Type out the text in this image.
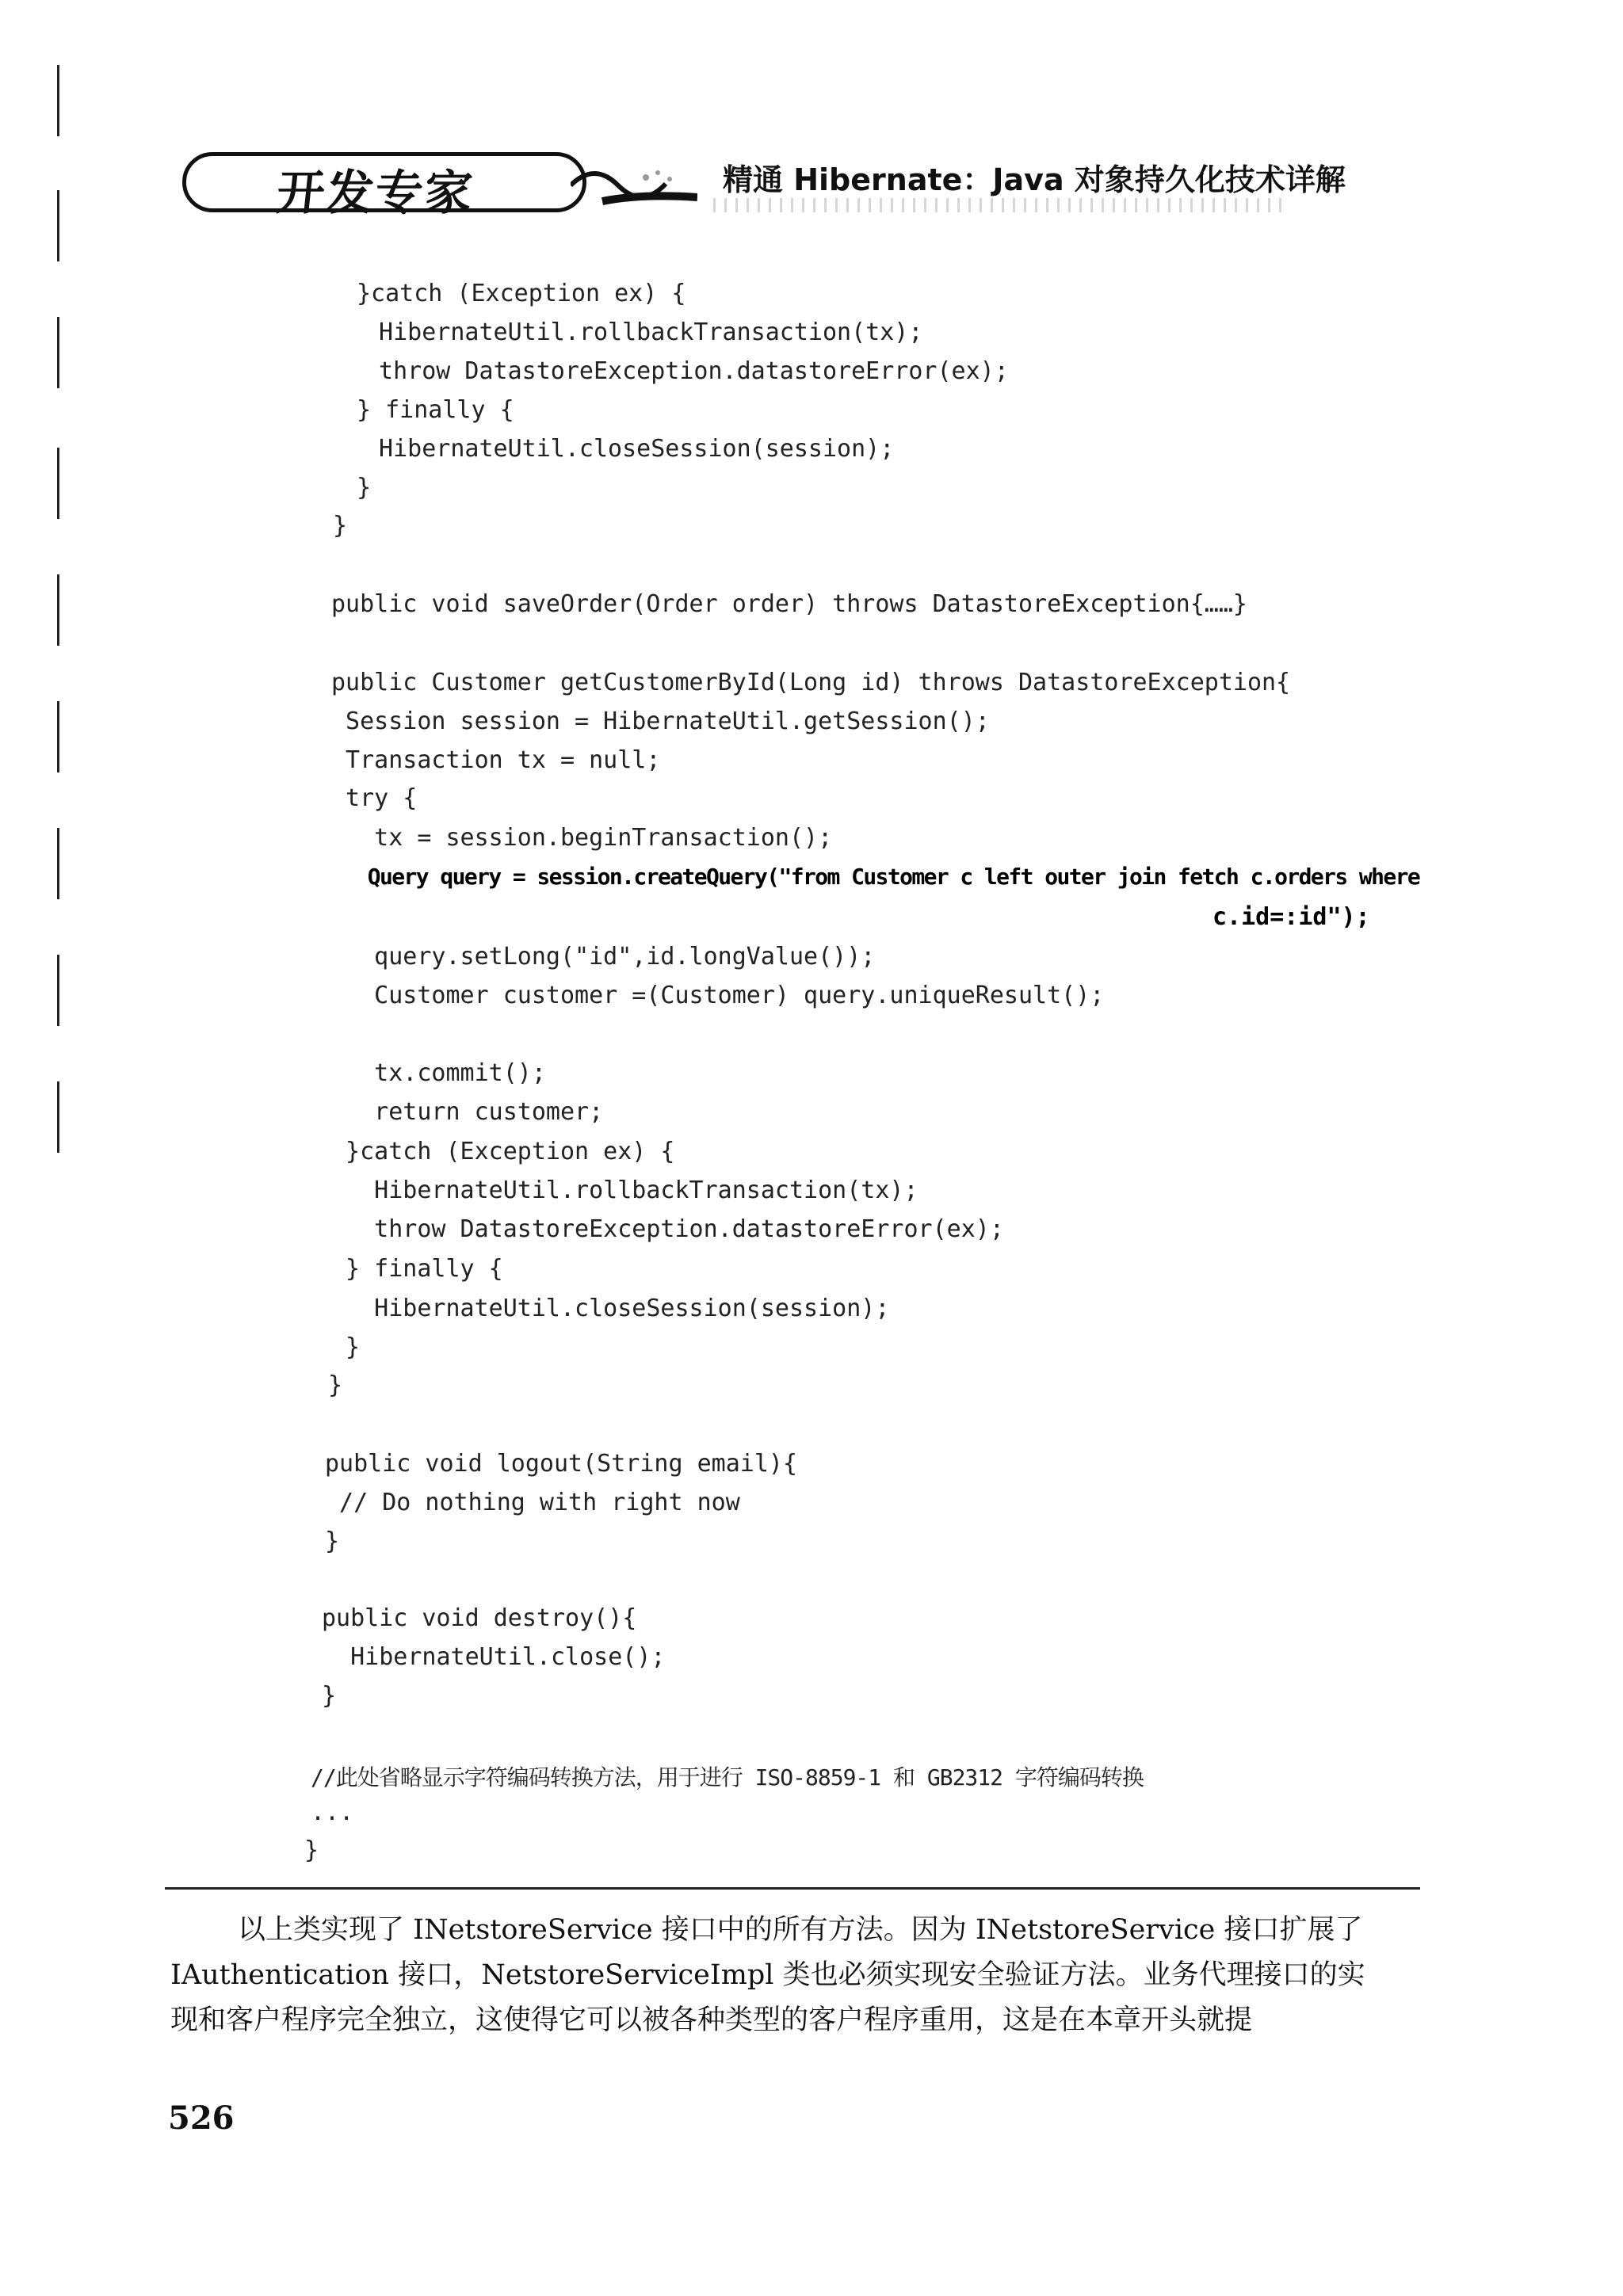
开发专家	精通 Hibernate：Java 对象持久化技术详解
}catch (Exception ex) {
HibernateUtil.rollbackTransaction(tx);
throw DatastoreException.datastoreError(ex);
} finally {
HibernateUtil.closeSession(session);
}
}
public void saveOrder(Order order) throws DatastoreException{……}
public Customer getCustomerById(Long id) throws DatastoreException{
Session session = HibernateUtil.getSession();
Transaction tx = null;
try {
tx = session.beginTransaction();
Query query = session.createQuery("from Customer c left outer join fetch c.orders where
c.id=:id");
query.setLong("id",id.longValue());
Customer customer =(Customer) query.uniqueResult();
tx.commit();
return customer;
}catch (Exception ex) {
HibernateUtil.rollbackTransaction(tx);
throw DatastoreException.datastoreError(ex);
} finally {
HibernateUtil.closeSession(session);
}
}
public void logout(String email){
// Do nothing with right now
}
public void destroy(){
HibernateUtil.close();
}
//此处省略显示字符编码转换方法，用于进行 ISO-8859-1 和 GB2312 字符编码转换
...
}
以上类实现了 INetstoreService 接口中的所有方法。因为 INetstoreService 接口扩展了
IAuthentication 接口，NetstoreServiceImpl 类也必须实现安全验证方法。业务代理接口的实
现和客户程序完全独立，这使得它可以被各种类型的客户程序重用，这是在本章开头就提
526
